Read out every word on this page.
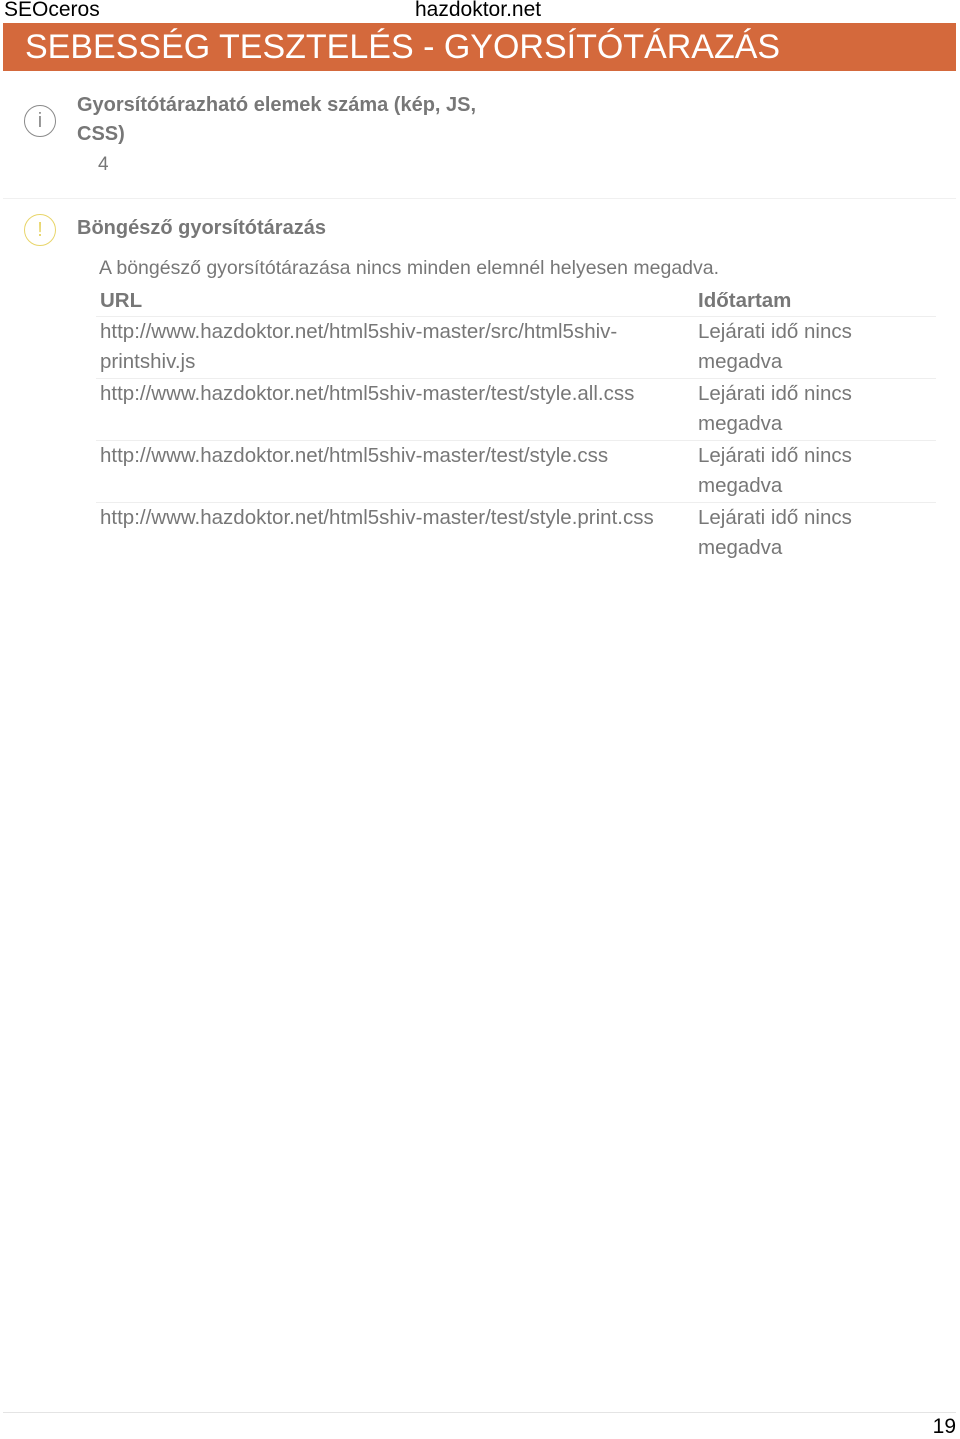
SEOceros	hazdoktor.net
SEBESSÉG TESZTELÉS - GYORSÍTÓTÁRAZÁS
i
Gyorsítótárazható elemek száma (kép, JS, CSS)
4
!	Böngésző gyorsítótárazás
A böngésző gyorsítótárazása nincs minden elemnél helyesen megadva.
URL	Időtartam
http://www.hazdoktor.net/html5shiv-master/src/html5shiv-printshiv.js	Lejárati idő nincs megadva
http://www.hazdoktor.net/html5shiv-master/test/style.all.css	Lejárati idő nincs megadva
http://www.hazdoktor.net/html5shiv-master/test/style.css	Lejárati idő nincs megadva
http://www.hazdoktor.net/html5shiv-master/test/style.print.css	Lejárati idő nincs megadva
19
